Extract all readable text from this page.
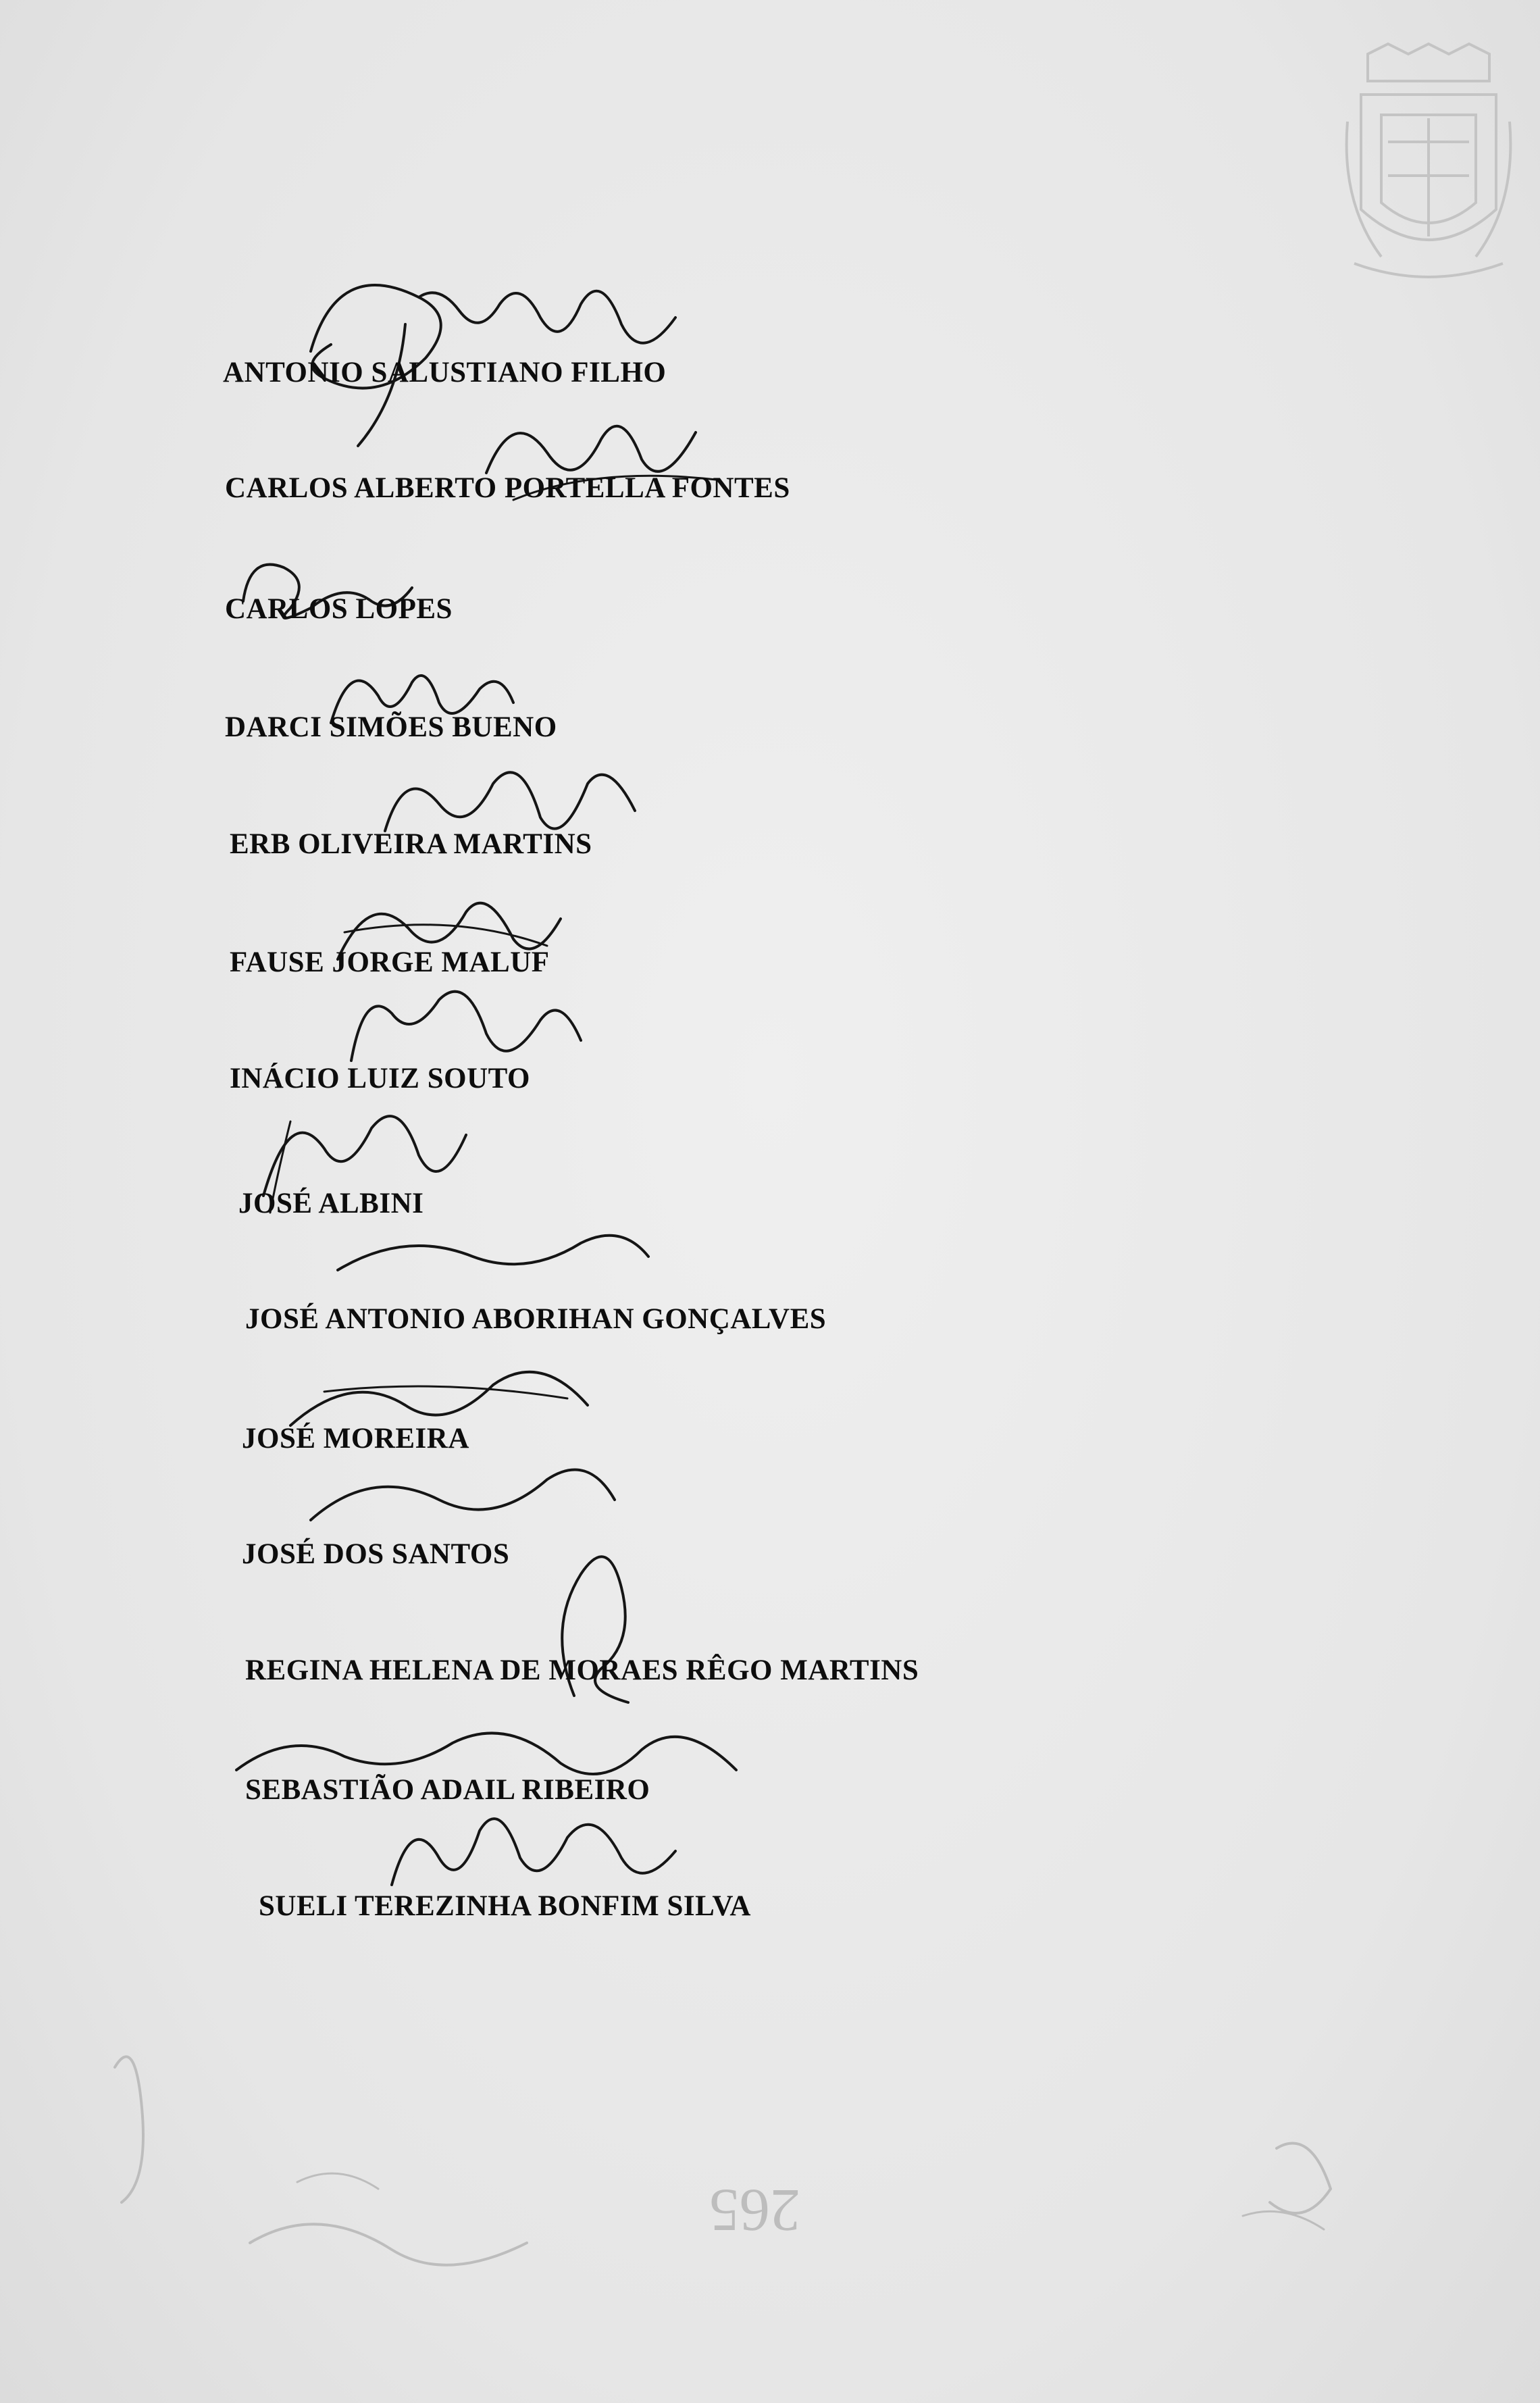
265
ANTONIO SALUSTIANO FILHO
CARLOS ALBERTO PORTELLA FONTES
CARLOS LOPES
DARCI SIMÕES BUENO
ERB OLIVEIRA MARTINS
FAUSE JORGE MALUF
INÁCIO LUIZ SOUTO
JOSÉ ALBINI
JOSÉ ANTONIO ABORIHAN GONÇALVES
JOSÉ MOREIRA
JOSÉ DOS SANTOS
REGINA HELENA DE MORAES RÊGO MARTINS
SEBASTIÃO ADAIL RIBEIRO
SUELI TEREZINHA BONFIM SILVA
